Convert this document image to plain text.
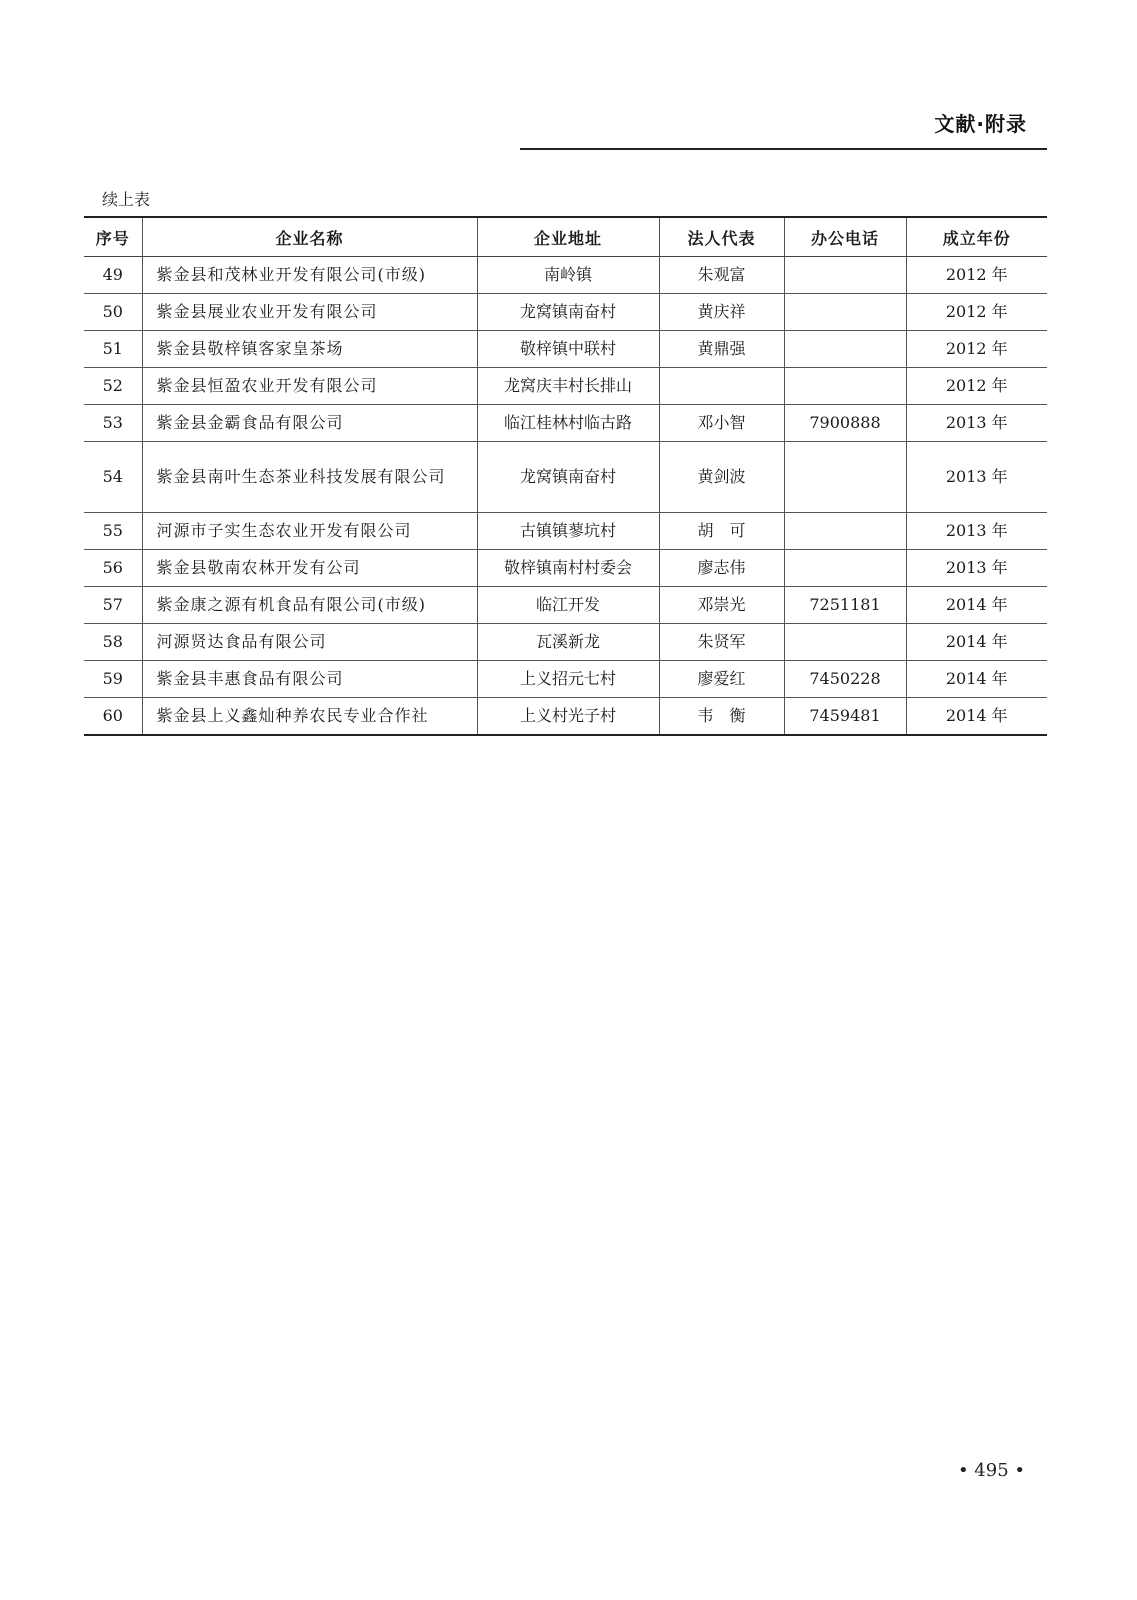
文献·附录
续上表
序号	企业名称	企业地址	法人代表	办公电话	成立年份
49	紫金县和茂林业开发有限公司(市级)	南岭镇	朱观富		2012 年
50	紫金县展业农业开发有限公司	龙窝镇南奋村	黄庆祥		2012 年
51	紫金县敬梓镇客家皇茶场	敬梓镇中联村	黄鼎强		2012 年
52	紫金县恒盈农业开发有限公司	龙窝庆丰村长排山			2012 年
53	紫金县金霸食品有限公司	临江桂林村临古路	邓小智	7900888	2013 年
54	紫金县南叶生态茶业科技发展有限公司	龙窝镇南奋村	黄剑波		2013 年
55	河源市子实生态农业开发有限公司	古镇镇蓼坑村	胡　可		2013 年
56	紫金县敬南农林开发有公司	敬梓镇南村村委会	廖志伟		2013 年
57	紫金康之源有机食品有限公司(市级)	临江开发	邓崇光	7251181	2014 年
58	河源贤达食品有限公司	瓦溪新龙	朱贤军		2014 年
59	紫金县丰惠食品有限公司	上义招元七村	廖爱红	7450228	2014 年
60	紫金县上义鑫灿种养农民专业合作社	上义村光子村	韦　衡	7459481	2014 年
• 495 •
